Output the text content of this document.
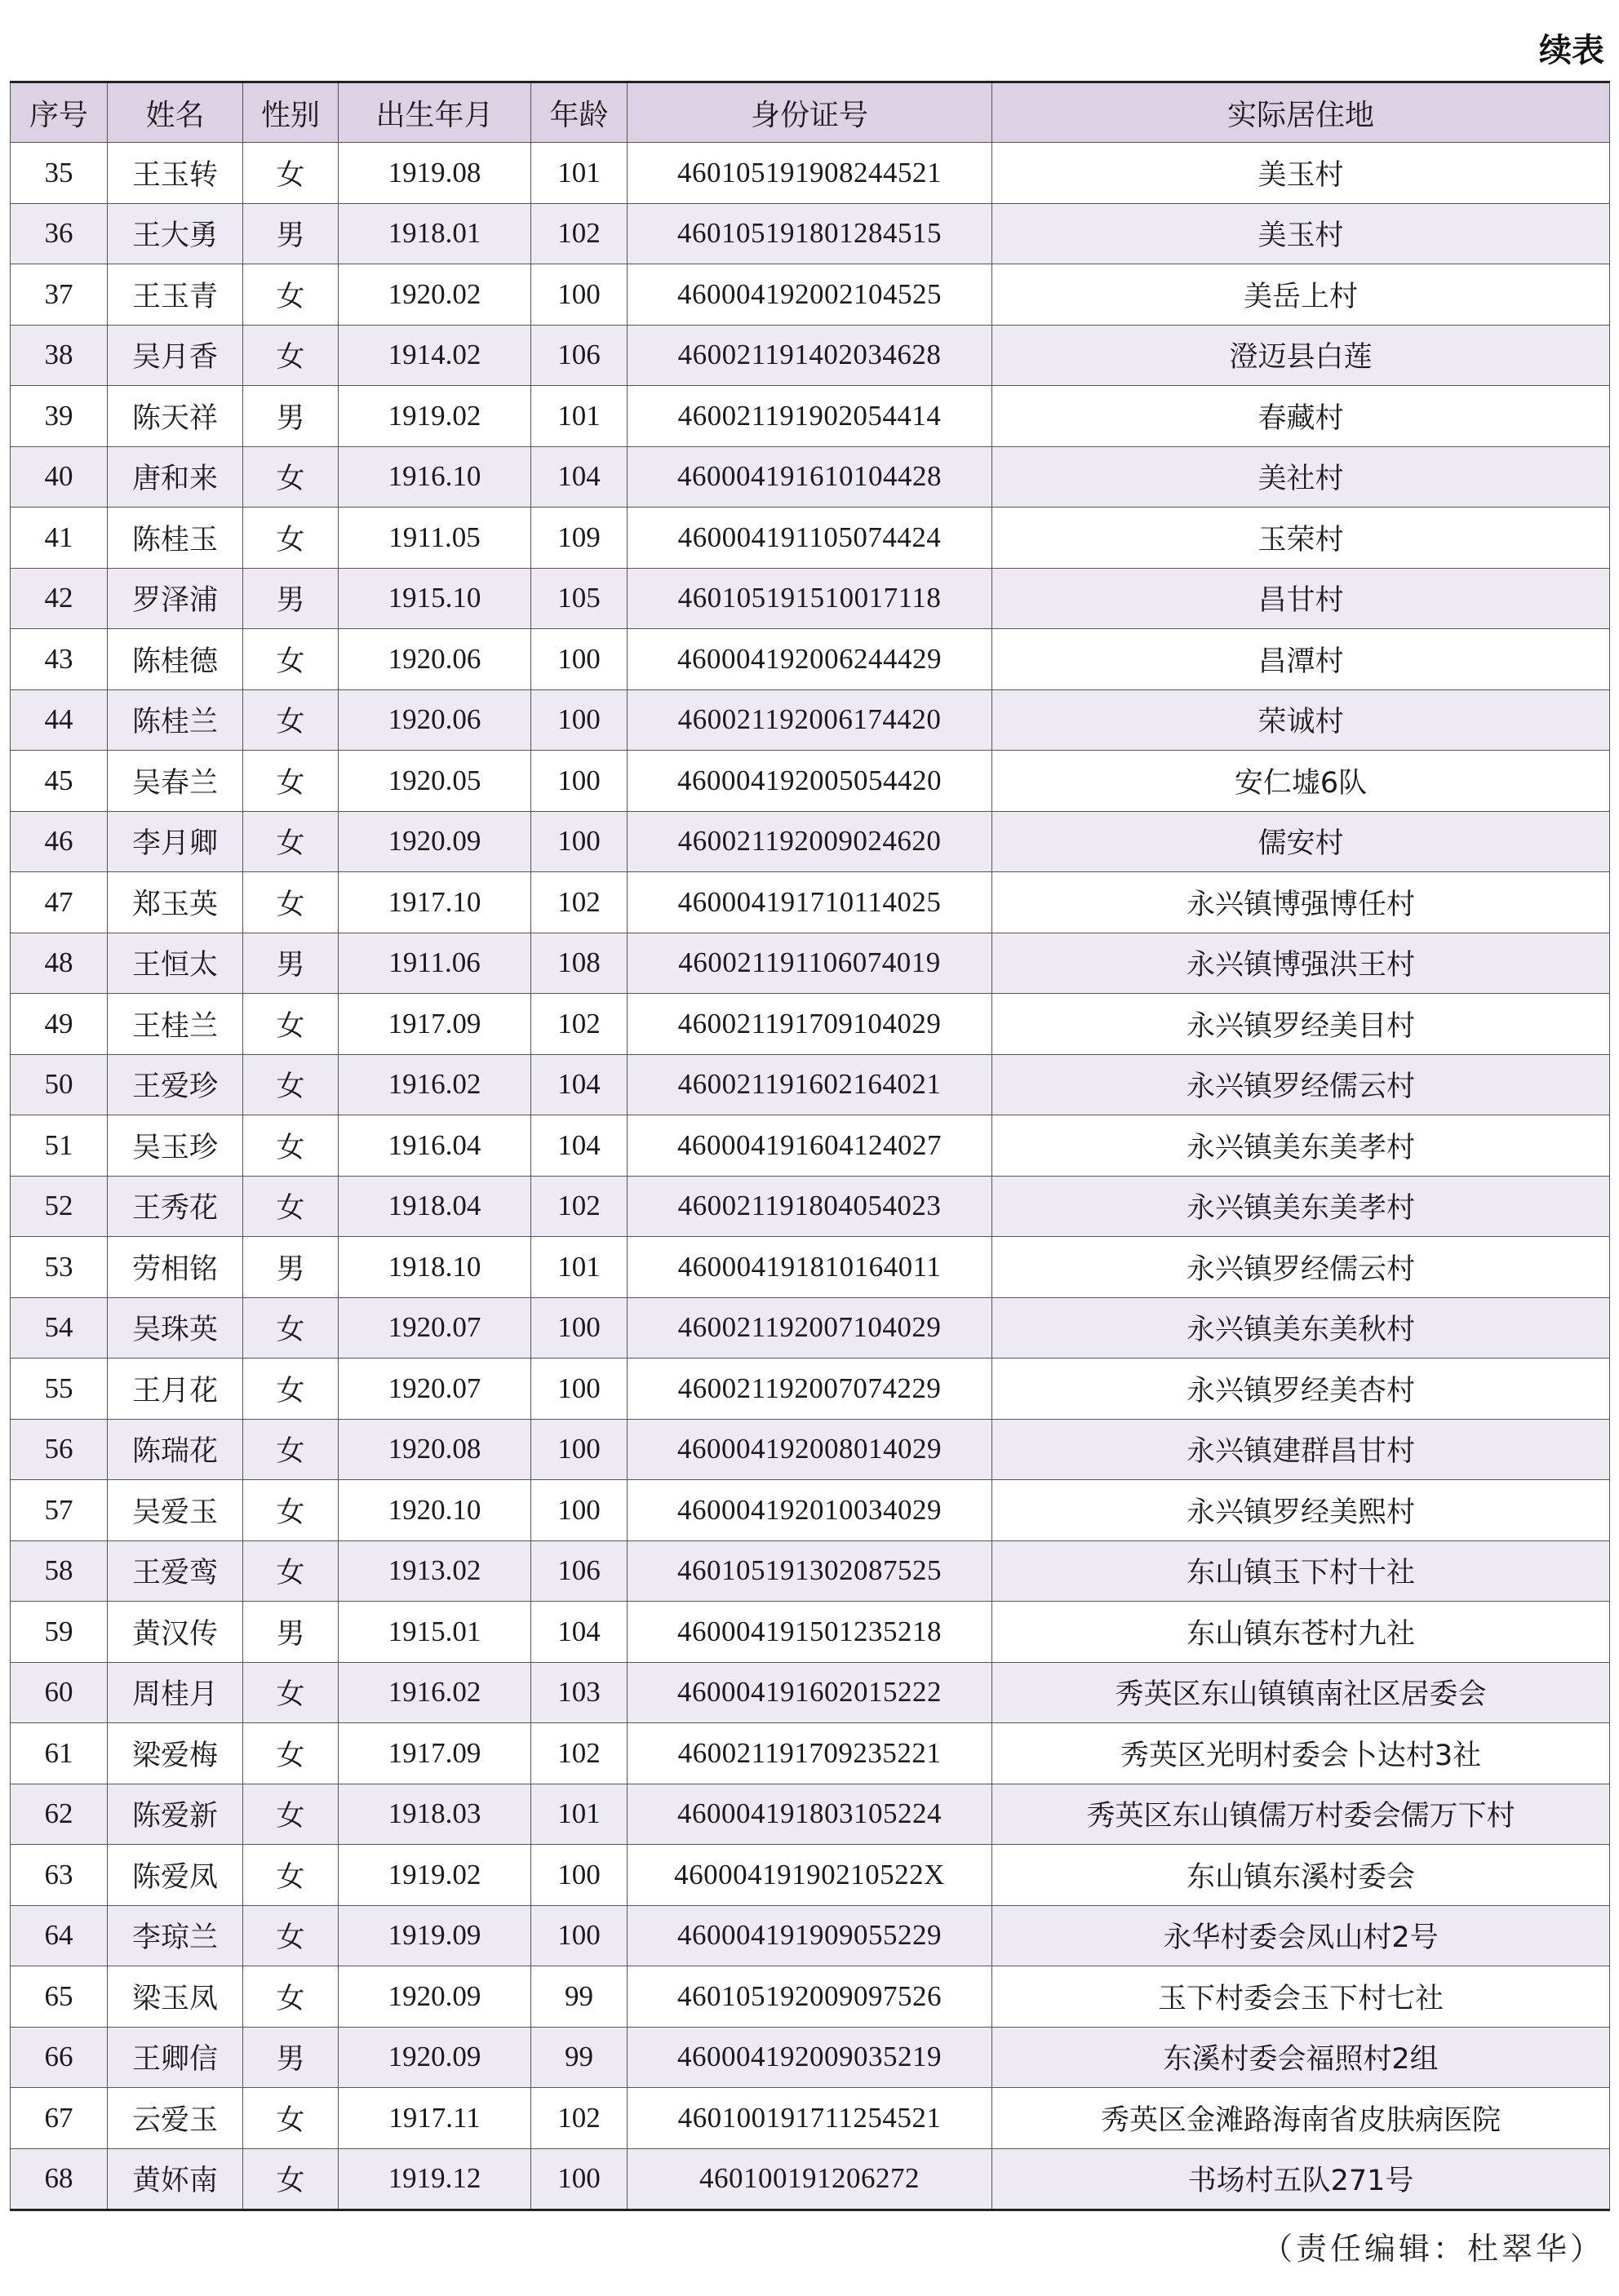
续表
序号	姓名	性别	出生年月	年龄	身份证号	实际居住地
35	王玉转	女	1919.08	101	460105191908244521	美玉村
36	王大勇	男	1918.01	102	460105191801284515	美玉村
37	王玉青	女	1920.02	100	460004192002104525	美岳上村
38	吴月香	女	1914.02	106	460021191402034628	澄迈县白莲
39	陈天祥	男	1919.02	101	460021191902054414	春藏村
40	唐和来	女	1916.10	104	460004191610104428	美社村
41	陈桂玉	女	1911.05	109	460004191105074424	玉荣村
42	罗泽浦	男	1915.10	105	460105191510017118	昌甘村
43	陈桂德	女	1920.06	100	460004192006244429	昌潭村
44	陈桂兰	女	1920.06	100	460021192006174420	荣诚村
45	吴春兰	女	1920.05	100	460004192005054420	安仁墟6队
46	李月卿	女	1920.09	100	460021192009024620	儒安村
47	郑玉英	女	1917.10	102	460004191710114025	永兴镇博强博任村
48	王恒太	男	1911.06	108	460021191106074019	永兴镇博强洪王村
49	王桂兰	女	1917.09	102	460021191709104029	永兴镇罗经美目村
50	王爱珍	女	1916.02	104	460021191602164021	永兴镇罗经儒云村
51	吴玉珍	女	1916.04	104	460004191604124027	永兴镇美东美孝村
52	王秀花	女	1918.04	102	460021191804054023	永兴镇美东美孝村
53	劳相铭	男	1918.10	101	460004191810164011	永兴镇罗经儒云村
54	吴珠英	女	1920.07	100	460021192007104029	永兴镇美东美秋村
55	王月花	女	1920.07	100	460021192007074229	永兴镇罗经美杏村
56	陈瑞花	女	1920.08	100	460004192008014029	永兴镇建群昌甘村
57	吴爱玉	女	1920.10	100	460004192010034029	永兴镇罗经美熙村
58	王爱鸾	女	1913.02	106	460105191302087525	东山镇玉下村十社
59	黄汉传	男	1915.01	104	460004191501235218	东山镇东苍村九社
60	周桂月	女	1916.02	103	460004191602015222	秀英区东山镇镇南社区居委会
61	梁爱梅	女	1917.09	102	460021191709235221	秀英区光明村委会卜达村3社
62	陈爱新	女	1918.03	101	460004191803105224	秀英区东山镇儒万村委会儒万下村
63	陈爱凤	女	1919.02	100	46000419190210522X	东山镇东溪村委会
64	李琼兰	女	1919.09	100	460004191909055229	永华村委会凤山村2号
65	梁玉凤	女	1920.09	99	460105192009097526	玉下村委会玉下村七社
66	王卿信	男	1920.09	99	460004192009035219	东溪村委会福照村2组
67	云爱玉	女	1917.11	102	460100191711254521	秀英区金滩路海南省皮肤病医院
68	黄妚南	女	1919.12	100	460100191206272	书场村五队271号
（责任编辑：杜翠华）
